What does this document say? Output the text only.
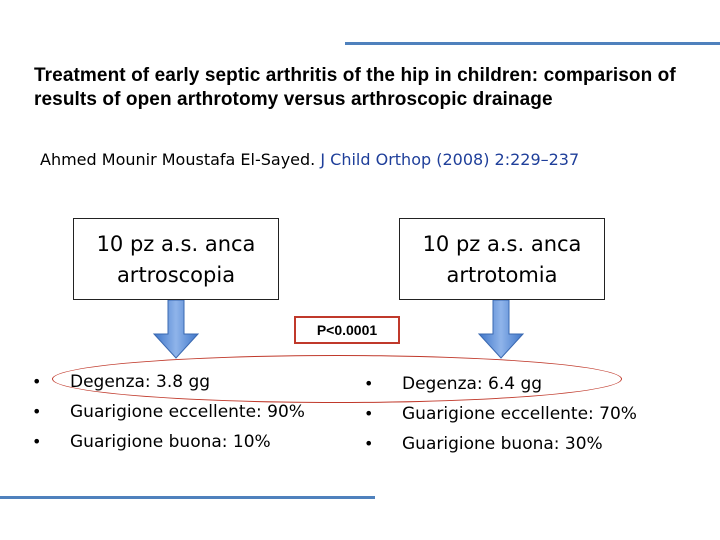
Treatment of early septic arthritis of the hip in children: comparison of results of open arthrotomy versus arthroscopic drainage
Ahmed Mounir Moustafa El-Sayed. J Child Orthop (2008) 2:229–237
10 pz a.s. anca
artroscopia
10 pz a.s. anca
artrotomia
P<0.0001
• Degenza: 3.8 gg
• Guarigione eccellente: 90%
• Guarigione buona: 10%
• Degenza: 6.4 gg
• Guarigione eccellente: 70%
• Guarigione buona: 30%
